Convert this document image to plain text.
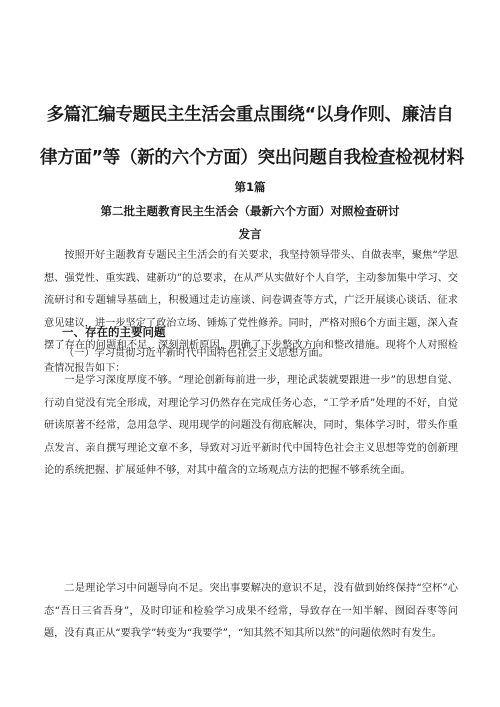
多篇汇编专题民主生活会重点围绕“以身作则、廉洁自
律方面”等（新的六个方面）突出问题自我检查检视材料
第1篇
第二批主题教育民主生活会（最新六个方面）对照检查研讨
发言

按照开好主题教育专题民主生活会的有关要求，我坚持领导带头、自做表率，聚焦“学思想、强党性、重实践、建新功”的总要求，在从严从实做好个人自学，主动参加集中学习、交流研讨和专题辅导基础上，积极通过走访座谈、问卷调查等方式，广泛开展谈心谈话、征求意见建议，进一步坚定了政治立场、锤炼了党性修养。同时，严格对照6个方面主题，深入查摆了存在的问题和不足，深刻剖析原因，明确了下步整改方向和整改措施。现将个人对照检查情况报告如下：

一、存在的主要问题
（一）学习贯彻习近平新时代中国特色社会主义思想方面。

一是学习深度厚度不够。“理论创新每前进一步，理论武装就要跟进一步”的思想自觉、行动自觉没有完全形成，对理论学习仍然存在完成任务心态，“工学矛盾”处理的不好，自觉研读原著不经常，急用急学、现用现学的问题没有彻底解决，同时，集体学习时，带头作重点发言、亲自撰写理论文章不多，导致对习近平新时代中国特色社会主义思想等党的创新理论的系统把握、扩展延伸不够，对其中蕴含的立场观点方法的把握不够系统全面。

二是理论学习中问题导向不足。突出事要解决的意识不足，没有做到始终保持“空杯”心态“吾日三省吾身”，及时印证和检验学习成果不经常，导致存在一知半解、囫囵吞枣等问题，没有真正从“要我学”转变为“我要学”，“知其然不知其所以然”的问题依然时有发生。
